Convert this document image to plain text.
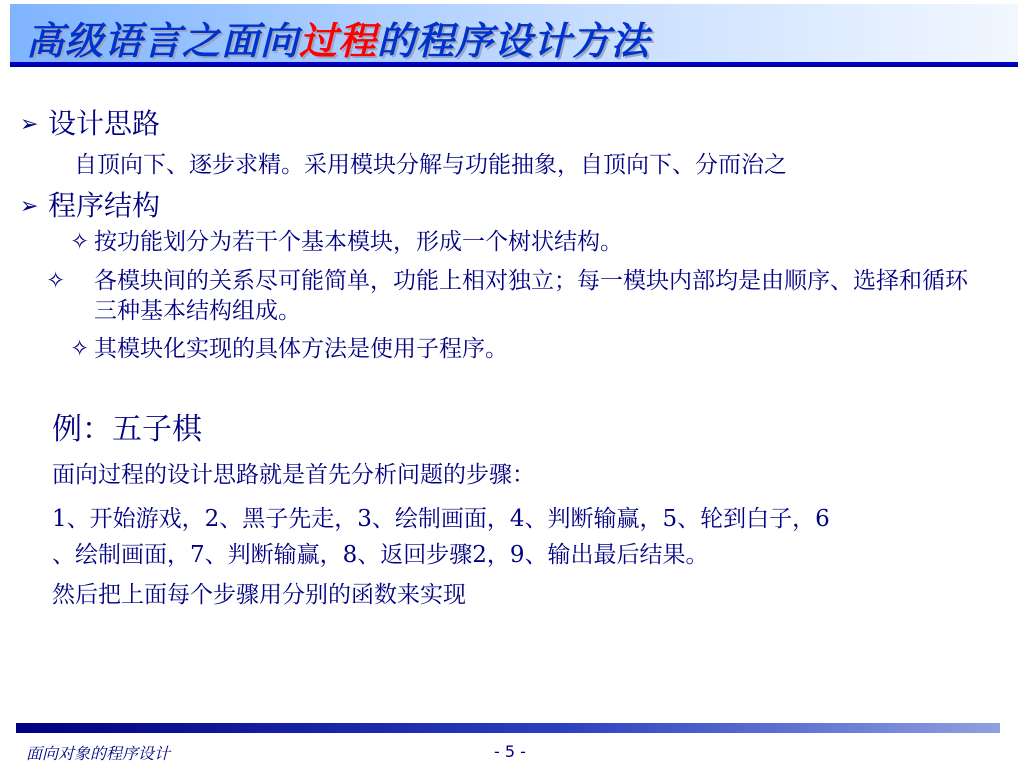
高级语言之面向过程的程序设计方法
➢ 设计思路
自顶向下、逐步求精。采用模块分解与功能抽象，自顶向下、分而治之
➢ 程序结构
✧ 按功能划分为若干个基本模块，形成一个树状结构。
✧ 各模块间的关系尽可能简单，功能上相对独立；每一模块内部均是由顺序、选择和循环三种基本结构组成。
✧ 其模块化实现的具体方法是使用子程序。
例：五子棋
面向过程的设计思路就是首先分析问题的步骤：
1、开始游戏，2、黑子先走，3、绘制画面，4、判断输赢，5、轮到白子，6
、绘制画面，7、判断输赢，8、返回步骤2，9、输出最后结果。
然后把上面每个步骤用分别的函数来实现
面向对象的程序设计	- 5 -
